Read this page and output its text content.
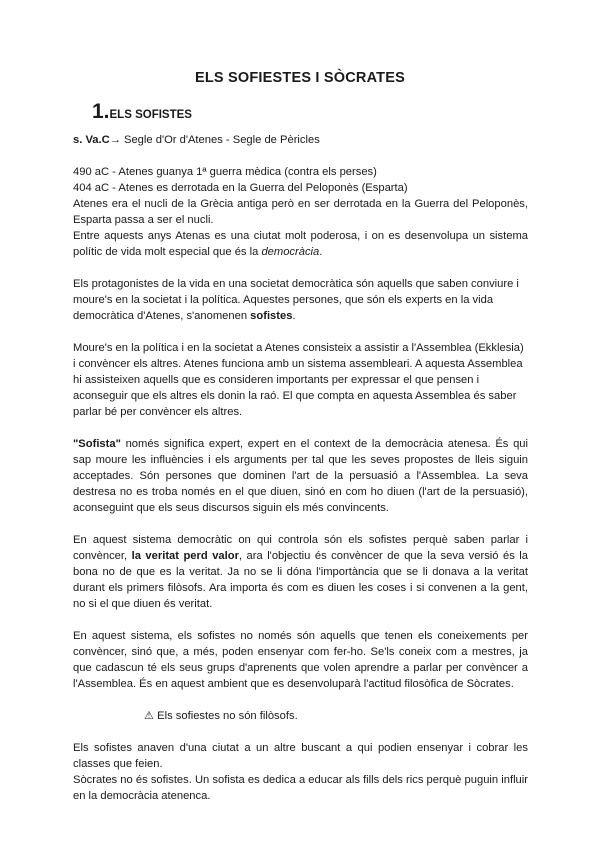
ELS SOFIESTES I SÒCRATES
1.ELS SOFISTES

s. Va.C→ Segle d'Or d'Atenes - Segle de Pèricles

490 aC - Atenes guanya 1ª guerra mèdica (contra els perses)

404 aC - Atenes es derrotada en la Guerra del Peloponès (Esparta)

Atenes era el nucli de la Grècia antiga però en ser derrotada en la Guerra del Peloponès, Esparta passa a ser el nucli.

Entre aquests anys Atenas es una ciutat molt poderosa, i on es desenvolupa un sistema polític de vida molt especial que és la democràcia.

Els protagonistes de la vida en una societat democràtica són aquells que saben conviure i moure's en la societat i la política. Aquestes persones, que són els experts en la vida democràtica d'Atenes, s'anomenen sofistes.

Moure's en la política i en la societat a Atenes consisteix a assistir a l'Assemblea (Ekklesia) i convèncer els altres. Atenes funciona amb un sistema assembleari. A aquesta Assemblea hi assisteixen aquells que es consideren importants per expressar el que pensen i aconseguir que els altres els donin la raó. El que compta en aquesta Assemblea és saber parlar bé per convèncer els altres.

"Sofista" només significa expert, expert en el context de la democràcia atenesa. És qui sap moure les influències i els arguments per tal que les seves propostes de lleis siguin acceptades. Són persones que dominen l'art de la persuasió a l'Assemblea. La seva destresa no es troba només en el que diuen, sinó en com ho diuen (l'art de la persuasió), aconseguint que els seus discursos siguin els més convincents.

En aquest sistema democràtic on qui controla són els sofistes perquè saben parlar i convèncer, la veritat perd valor, ara l'objectiu és convèncer de que la seva versió és la bona no de que es la veritat. Ja no se li dóna l'importància que se li donava a la veritat durant els primers filòsofs. Ara importa és com es diuen les coses i si convenen a la gent, no si el que diuen és veritat.

En aquest sistema, els sofistes no només són aquells que tenen els coneixements per convèncer, sinó que, a més, poden ensenyar com fer-ho. Se'ls coneix com a mestres, ja que cadascun té els seus grups d'aprenents que volen aprendre a parlar per convèncer a l'Assemblea. És en aquest ambient que es desenvoluparà l'actitud filosòfica de Sòcrates.

⚠ Els sofiestes no són filòsofs.

Els sofistes anaven d'una ciutat a un altre buscant a qui podien ensenyar i cobrar les classes que feien.

Sòcrates no és sofistes. Un sofista es dedica a educar als fills dels rics perquè puguin influir en la democràcia atenenca.
